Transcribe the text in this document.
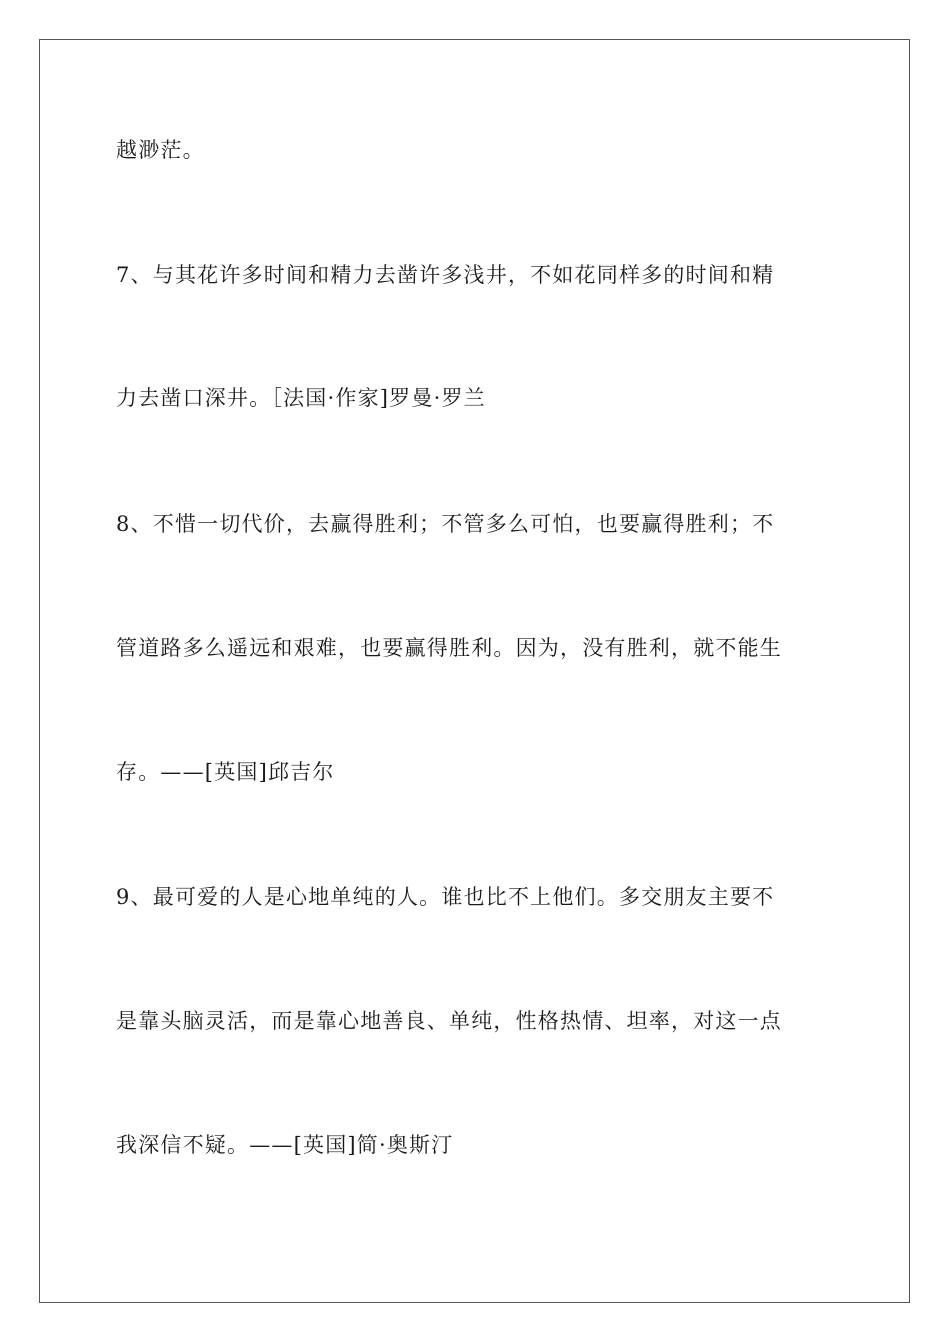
越渺茫。
7、与其花许多时间和精力去凿许多浅井，不如花同样多的时间和精
力去凿口深井。［法国·作家]罗曼·罗兰
8、不惜一切代价，去赢得胜利；不管多么可怕，也要赢得胜利；不
管道路多么遥远和艰难，也要赢得胜利。因为，没有胜利，就不能生
存。——[英国]邱吉尔
9、最可爱的人是心地单纯的人。谁也比不上他们。多交朋友主要不
是靠头脑灵活，而是靠心地善良、单纯，性格热情、坦率，对这一点
我深信不疑。——[英国]简·奥斯汀
